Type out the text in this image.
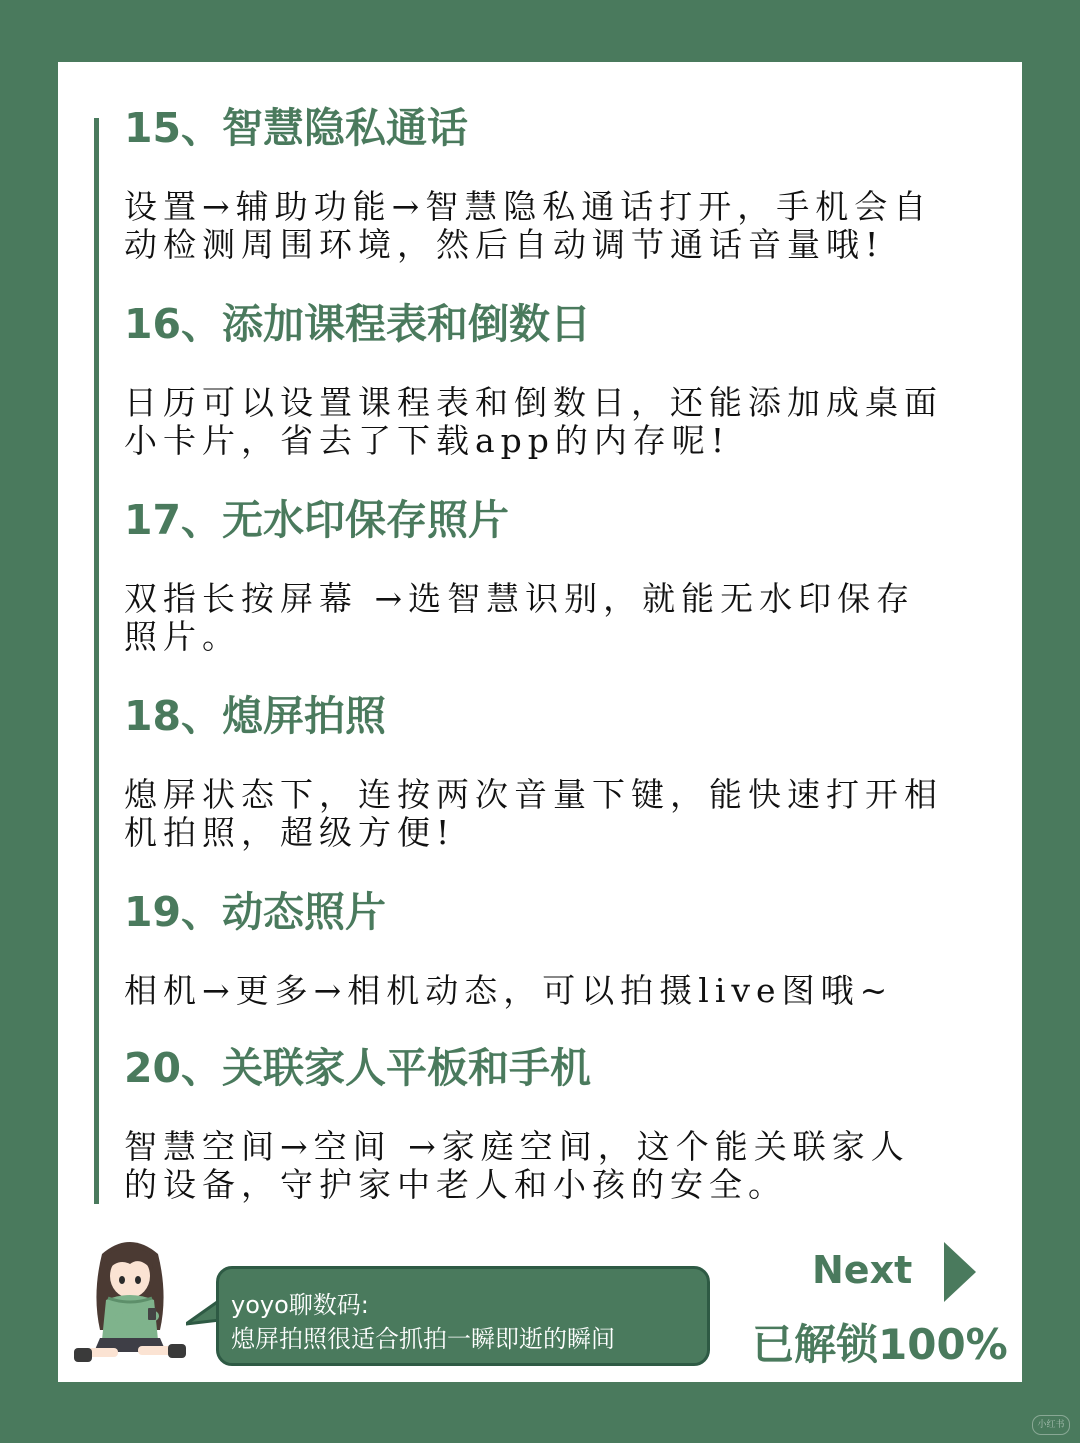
15、智慧隐私通话
设置→辅助功能→智慧隐私通话打开，手机会自动检测周围环境，然后自动调节通话音量哦!
16、添加课程表和倒数日
日历可以设置课程表和倒数日，还能添加成桌面小卡片，省去了下载app的内存呢!
17、无水印保存照片
双指长按屏幕 →选智慧识别，就能无水印保存照片。
18、熄屏拍照
熄屏状态下，连按两次音量下键，能快速打开相机拍照，超级方便!
19、动态照片
相机→更多→相机动态，可以拍摄live图哦~
20、关联家人平板和手机
智慧空间→空间 →家庭空间，这个能关联家人的设备，守护家中老人和小孩的安全。
yoyo聊数码:
熄屏拍照很适合抓拍一瞬即逝的瞬间
Next
已解锁100%
小红书
